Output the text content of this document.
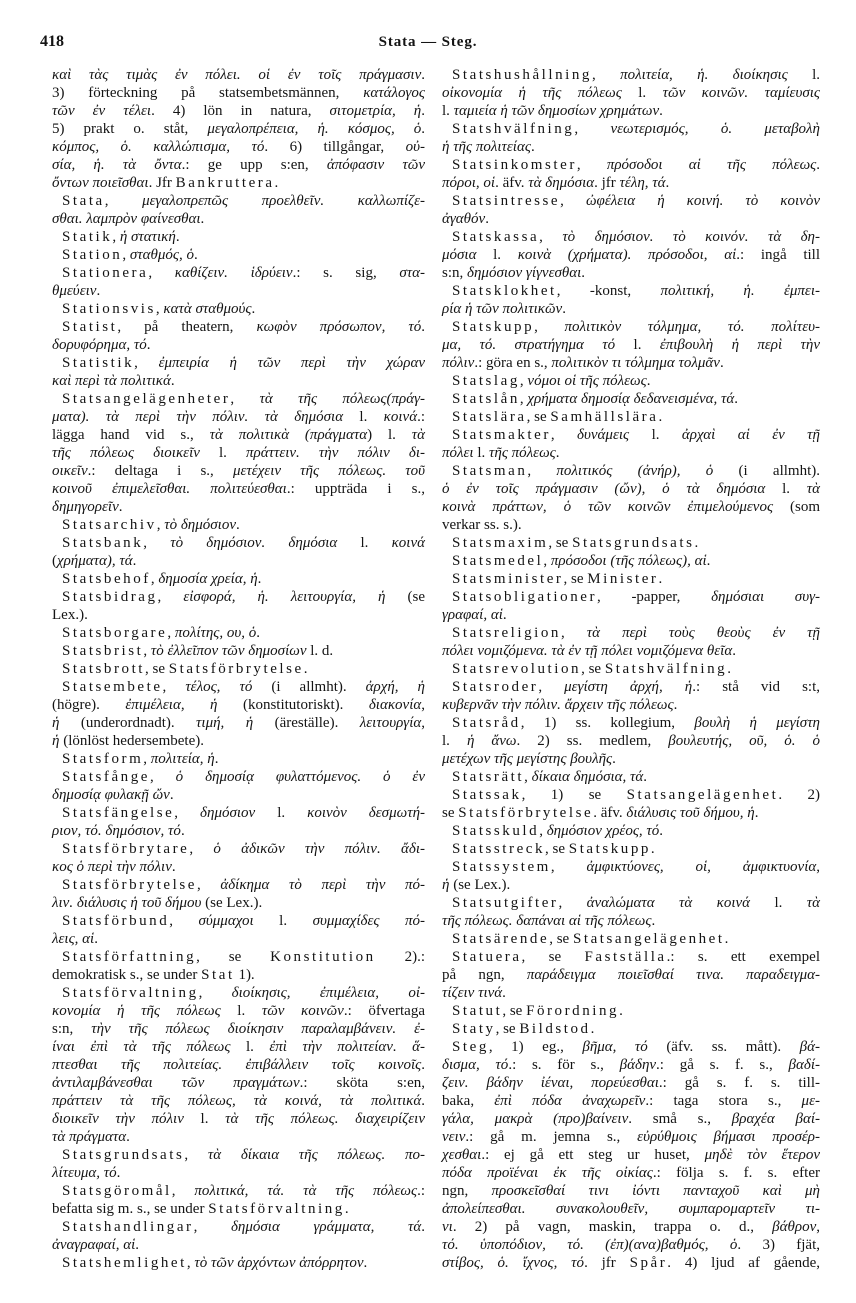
418	Stata — Steg.
καὶ τὰς τιμὰς ἐν πόλει. οἱ ἐν τοῖς πράγμασιν.
3) förteckning på statsembetsmännen, κατάλογος
τῶν ἐν τέλει. 4) lön in natura, σιτομετρία, ἡ.
5) prakt o. ståt, μεγαλοπρέπεια, ἡ. κόσμος, ὁ.
κόμπος, ὁ. καλλώπισμα, τό. 6) tillgångar, οὐ-
σία, ἡ. τὰ ὄντα.: ge upp s:en, ἀπόφασιν τῶν
ὄντων ποιεῖσθαι. Jfr Bankruttera.
Stata, μεγαλοπρεπῶς προελθεῖν. καλλωπίζε-
σθαι. λαμπρὸν φαίνεσθαι.
Statik, ἡ στατική.
Station, σταθμός, ὁ.
Stationera, καθίζειν. ἱδρύειν.: s. sig, στα-
θμεύειν.
Stationsvis, κατὰ σταθμούς.
Statist, på theatern, κωφὸν πρόσωπον, τό.
δορυφόρημα, τό.
Statistik, ἐμπειρία ἡ τῶν περὶ τὴν χώραν
καὶ περὶ τὰ πολιτικά.
Statsangelägenheter, τὰ τῆς πόλεως(πράγ-
ματα). τὰ περὶ τὴν πόλιν. τὰ δημόσια l. κοινά.:
lägga hand vid s., τὰ πολιτικὰ (πράγματα) l. τὰ
τῆς πόλεως διοικεῖν l. πράττειν. τὴν πόλιν δι-
οικεῖν.: deltaga i s., μετέχειν τῆς πόλεως. τοῦ
κοινοῦ ἐπιμελεῖσθαι. πολιτεύεσθαι.: uppträda i s.,
δημηγορεῖν.
Statsarchiv, τὸ δημόσιον.
Statsbank, τὸ δημόσιον. δημόσια l. κοινά
(χρήματα), τά.
Statsbehof, δημοσία χρεία, ἡ.
Statsbidrag, εἰσφορά, ἡ. λειτουργία, ἡ (se
Lex.).
Statsborgare, πολίτης, ου, ὁ.
Statsbrist, τὸ ἐλλεῖπον τῶν δημοσίων l. d.
Statsbrott, se Statsförbrytelse.
Statsembete, τέλος, τό (i allmht). ἀρχή, ἡ
(högre). ἐπιμέλεια, ἡ (konstitutoriskt). διακονία,
ἡ (underordnadt). τιμή, ἡ (äreställe). λειτουργία,
ἡ (lönlöst hedersembete).
Statsform, πολιτεία, ἡ.
Statsfånge, ὁ δημοσίᾳ φυλαττόμενος. ὁ ἐν
δημοσίᾳ φυλακῇ ὤν.
Statsfängelse, δημόσιον l. κοινὸν δεσμωτή-
ριον, τό. δημόσιον, τό.
Statsförbrytare, ὁ ἀδικῶν τὴν πόλιν. ἄδι-
κος ὁ περὶ τὴν πόλιν.
Statsförbrytelse, ἀδίκημα τὸ περὶ τὴν πό-
λιν. διάλυσις ἡ τοῦ δήμου (se Lex.).
Statsförbund, σύμμαχοι l. συμμαχίδες πό-
λεις, αἱ.
Statsförfattning, se Konstitution 2).:
demokratisk s., se under Stat 1).
Statsförvaltning, διοίκησις, ἐπιμέλεια, οἰ-
κονομία ἡ τῆς πόλεως l. τῶν κοινῶν.: öfvertaga
s:n, τὴν τῆς πόλεως διοίκησιν παραλαμβάνειν. ἐ-
ίναι ἐπὶ τὰ τῆς πόλεως l. ἐπὶ τὴν πολιτείαν. ἅ-
πτεσθαι τῆς πολιτείας. ἐπιβάλλειν τοῖς κοινοῖς.
ἀντιλαμβάνεσθαι τῶν πραγμάτων.: sköta s:en,
πράττειν τὰ τῆς πόλεως, τὰ κοινά, τὰ πολιτικά.
διοικεῖν τὴν πόλιν l. τὰ τῆς πόλεως. διαχειρίζειν
τὰ πράγματα.
Statsgrundsats, τὰ δίκαια τῆς πόλεως. πο-
λίτευμα, τό.
Statsgöromål, πολιτικά, τά. τὰ τῆς πόλεως.:
befatta sig m. s., se under Statsförvaltning.
Statshandlingar, δημόσια γράμματα, τά.
ἀναγραφαί, αἱ.
Statshemlighet, τὸ τῶν ἀρχόντων ἀπόρρητον.
Statshushållning, πολιτεία, ἡ. διοίκησις l.
οἰκονομία ἡ τῆς πόλεως l. τῶν κοινῶν. ταμίευσις
l. ταμιεία ἡ τῶν δημοσίων χρημάτων.
Statshvälfning, νεωτερισμός, ὁ. μεταβολὴ
ἡ τῆς πολιτείας.
Statsinkomster, πρόσοδοι αἱ τῆς πόλεως.
πόροι, οἱ. äfv. τὰ δημόσια. jfr τέλη, τά.
Statsintresse, ὠφέλεια ἡ κοινή. τὸ κοινὸν
ἀγαθόν.
Statskassa, τὸ δημόσιον. τὸ κοινόν. τὰ δη-
μόσια l. κοινὰ (χρήματα). πρόσοδοι, αἱ.: ingå till
s:n, δημόσιον γίγνεσθαι.
Statsklokhet, -konst, πολιτική, ἡ. ἐμπει-
ρία ἡ τῶν πολιτικῶν.
Statskupp, πολιτικὸν τόλμημα, τό. πολίτευ-
μα, τό. στρατήγημα τό l. ἐπιβουλὴ ἡ περὶ τὴν
πόλιν.: göra en s., πολιτικὸν τι τόλμημα τολμᾶν.
Statslag, νόμοι οἱ τῆς πόλεως.
Statslån, χρήματα δημοσίᾳ δεδανεισμένα, τά.
Statslära, se Samhällslära.
Statsmakter, δυνάμεις l. ἀρχαὶ αἱ ἐν τῇ
πόλει l. τῆς πόλεως.
Statsman, πολιτικός (ἀνήρ), ὁ (i allmht).
ὁ ἐν τοῖς πράγμασιν (ὤν), ὁ τὰ δημόσια l. τὰ
κοινὰ πράττων, ὁ τῶν κοινῶν ἐπιμελούμενος (som
verkar ss. s.).
Statsmaxim, se Statsgrundsats.
Statsmedel, πρόσοδοι (τῆς πόλεως), αἱ.
Statsminister, se Minister.
Statsobligationer, -papper, δημόσιαι συγ-
γραφαί, αἱ.
Statsreligion, τὰ περὶ τοὺς θεοὺς ἐν τῇ
πόλει νομιζόμενα. τὰ ἐν τῇ πόλει νομιζόμενα θεῖα.
Statsrevolution, se Statshvälfning.
Statsroder, μεγίστη ἀρχή, ἡ.: stå vid s:t,
κυβερνᾶν τὴν πόλιν. ἄρχειν τῆς πόλεως.
Statsråd, 1) ss. kollegium, βουλὴ ἡ μεγίστη
l. ἡ ἄνω. 2) ss. medlem, βουλευτής, οῦ, ὁ. ὁ
μετέχων τῆς μεγίστης βουλῆς.
Statsrätt, δίκαια δημόσια, τά.
Statssak, 1) se Statsangelägenhet. 2)
se Statsförbrytelse. äfv. διάλυσις τοῦ δήμου, ἡ.
Statsskuld, δημόσιον χρέος, τό.
Statsstreck, se Statskupp.
Statssystem, ἀμφικτύονες, οἱ, ἀμφικτυονία,
ἡ (se Lex.).
Statsutgifter, ἀναλώματα τὰ κοινά l. τὰ
τῆς πόλεως. δαπάναι αἱ τῆς πόλεως.
Statsärende, se Statsangelägenhet.
Statuera, se Fastställa.: s. ett exempel
på ngn, παράδειγμα ποιεῖσθαί τινα. παραδειγμα-
τίζειν τινά.
Statut, se Förordning.
Staty, se Bildstod.
Steg, 1) eg., βῆμα, τό (äfv. ss. mått). βά-
δισμα, τό.: s. för s., βάδην.: gå s. f. s., βαδί-
ζειν. βάδην ἰέναι, πορεύεσθαι.: gå s. f. s. till-
baka, ἐπὶ πόδα ἀναχωρεῖν.: taga stora s., με-
γάλα, μακρὰ (προ)βαίνειν. små s., βραχέα βαί-
νειν.: gå m. jemna s., εὐρύθμοις βήμασι προσέρ-
χεσθαι.: ej gå ett steg ur huset, μηδὲ τὸν ἕτερον
πόδα προϊέναι ἐκ τῆς οἰκίας.: följa s. f. s. efter
ngn, προσκεῖσθαί τινι ἰόντι πανταχοῦ καὶ μὴ
ἀπολείπεσθαι. συνακολουθεῖν, συμπαρομαρτεῖν τι-
νι. 2) på vagn, maskin, trappa o. d., βάθρον,
τό. ὑποπόδιον, τό. (ἐπ)(ανα)βαθμός, ὁ. 3) fjät,
στίβος, ὁ. ἴχνος, τό. jfr Spår. 4) ljud af gående,
